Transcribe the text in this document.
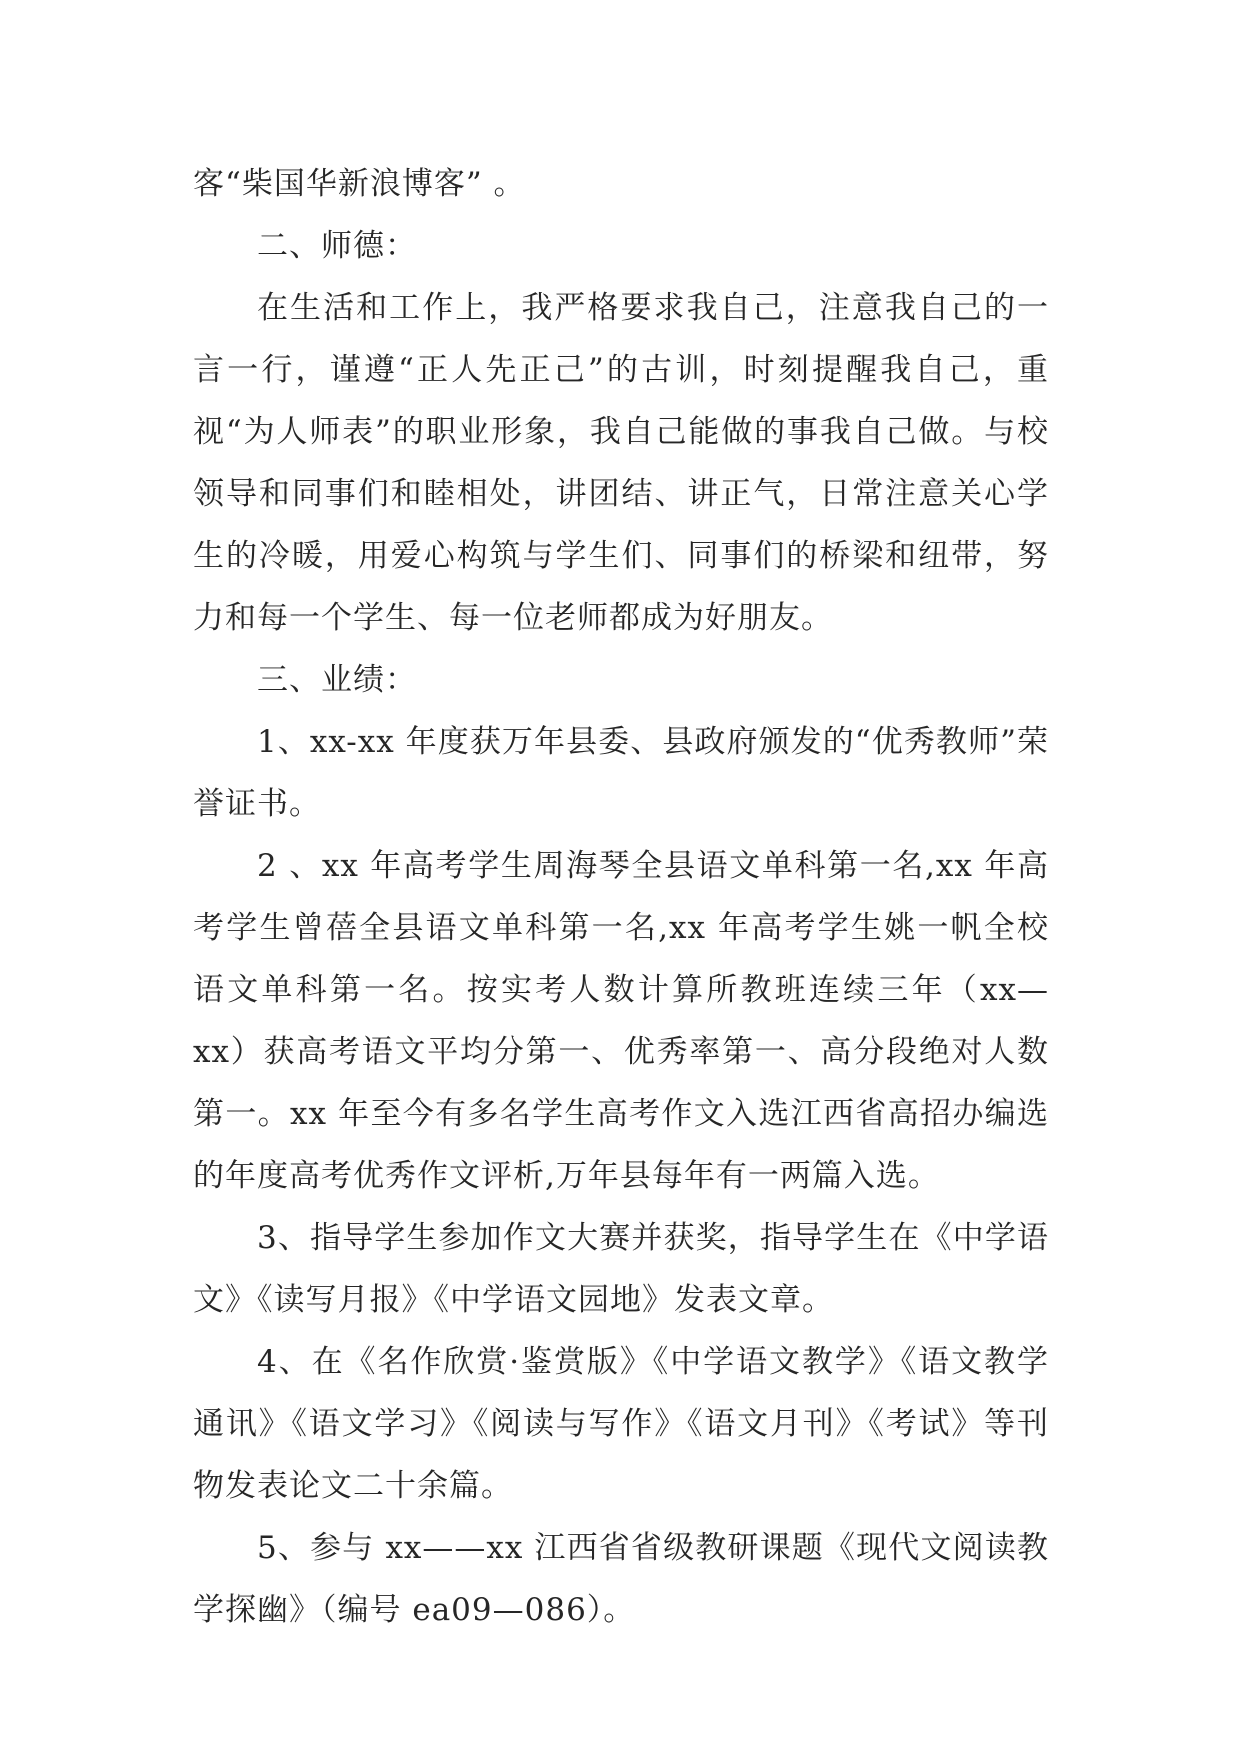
客“柴国华新浪博客” 。

二、师德：

在生活和工作上，我严格要求我自己，注意我自己的一言一行，谨遵“正人先正己”的古训，时刻提醒我自己，重视“为人师表”的职业形象，我自己能做的事我自己做。与校领导和同事们和睦相处，讲团结、讲正气，日常注意关心学生的冷暖，用爱心构筑与学生们、同事们的桥梁和纽带，努力和每一个学生、每一位老师都成为好朋友。

三、业绩：

1、xx-xx 年度获万年县委、县政府颁发的“优秀教师”荣誉证书。

2 、xx 年高考学生周海琴全县语文单科第一名,xx 年高考学生曾蓓全县语文单科第一名,xx 年高考学生姚一帆全校语文单科第一名。按实考人数计算所教班连续三年（xx—xx）获高考语文平均分第一、优秀率第一、高分段绝对人数第一。xx 年至今有多名学生高考作文入选江西省高招办编选的年度高考优秀作文评析,万年县每年有一两篇入选。

3、指导学生参加作文大赛并获奖，指导学生在《中学语文》《读写月报》《中学语文园地》发表文章。

4、在《名作欣赏·鉴赏版》《中学语文教学》《语文教学通讯》《语文学习》《阅读与写作》《语文月刊》《考试》等刊物发表论文二十余篇。

5、参与 xx——xx 江西省省级教研课题《现代文阅读教学探幽》（编号 ea09—086）。
